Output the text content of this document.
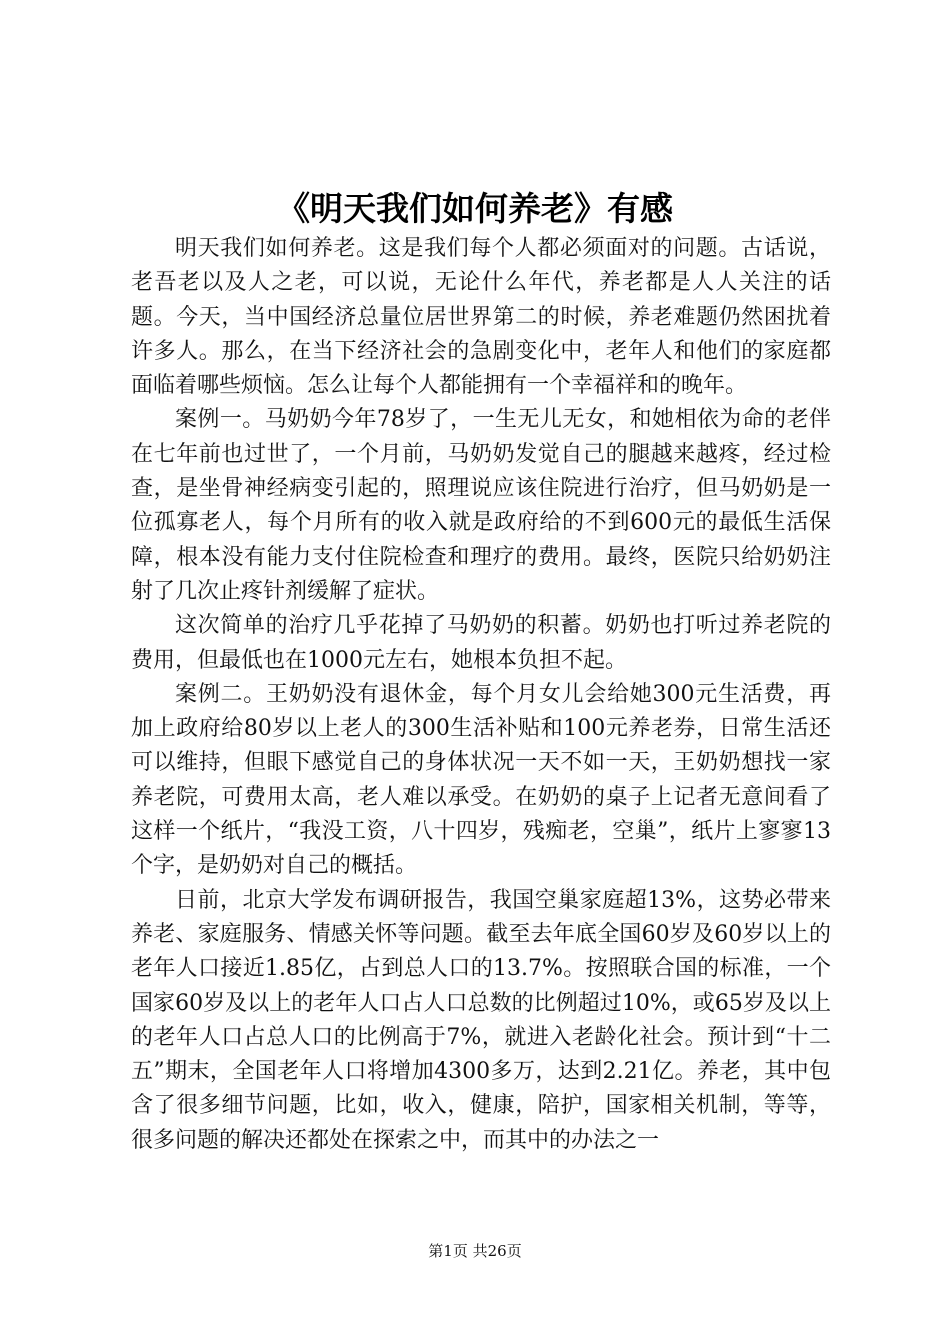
《明天我们如何养老》有感

明天我们如何养老。这是我们每个人都必须面对的问题。古话说，老吾老以及人之老，可以说，无论什么年代，养老都是人人关注的话题。今天，当中国经济总量位居世界第二的时候，养老难题仍然困扰着许多人。那么，在当下经济社会的急剧变化中，老年人和他们的家庭都面临着哪些烦恼。怎么让每个人都能拥有一个幸福祥和的晚年。

案例一。马奶奶今年78岁了，一生无儿无女，和她相依为命的老伴在七年前也过世了，一个月前，马奶奶发觉自己的腿越来越疼，经过检查，是坐骨神经病变引起的，照理说应该住院进行治疗，但马奶奶是一位孤寡老人，每个月所有的收入就是政府给的不到600元的最低生活保障，根本没有能力支付住院检查和理疗的费用。最终，医院只给奶奶注射了几次止疼针剂缓解了症状。

这次简单的治疗几乎花掉了马奶奶的积蓄。奶奶也打听过养老院的费用，但最低也在1000元左右，她根本负担不起。

案例二。王奶奶没有退休金，每个月女儿会给她300元生活费，再加上政府给80岁以上老人的300生活补贴和100元养老券，日常生活还可以维持，但眼下感觉自己的身体状况一天不如一天，王奶奶想找一家养老院，可费用太高，老人难以承受。在奶奶的桌子上记者无意间看了这样一个纸片，“我没工资，八十四岁，残痴老，空巢”，纸片上寥寥13个字，是奶奶对自己的概括。

日前，北京大学发布调研报告，我国空巢家庭超13%，这势必带来养老、家庭服务、情感关怀等问题。截至去年底全国60岁及60岁以上的老年人口接近1.85亿，占到总人口的13.7%。按照联合国的标准，一个国家60岁及以上的老年人口占人口总数的比例超过10%，或65岁及以上的老年人口占总人口的比例高于7%，就进入老龄化社会。预计到“十二五”期末，全国老年人口将增加4300多万，达到2.21亿。养老，其中包含了很多细节问题，比如，收入，健康，陪护，国家相关机制，等等，很多问题的解决还都处在探索之中，而其中的办法之一

第1页 共26页
